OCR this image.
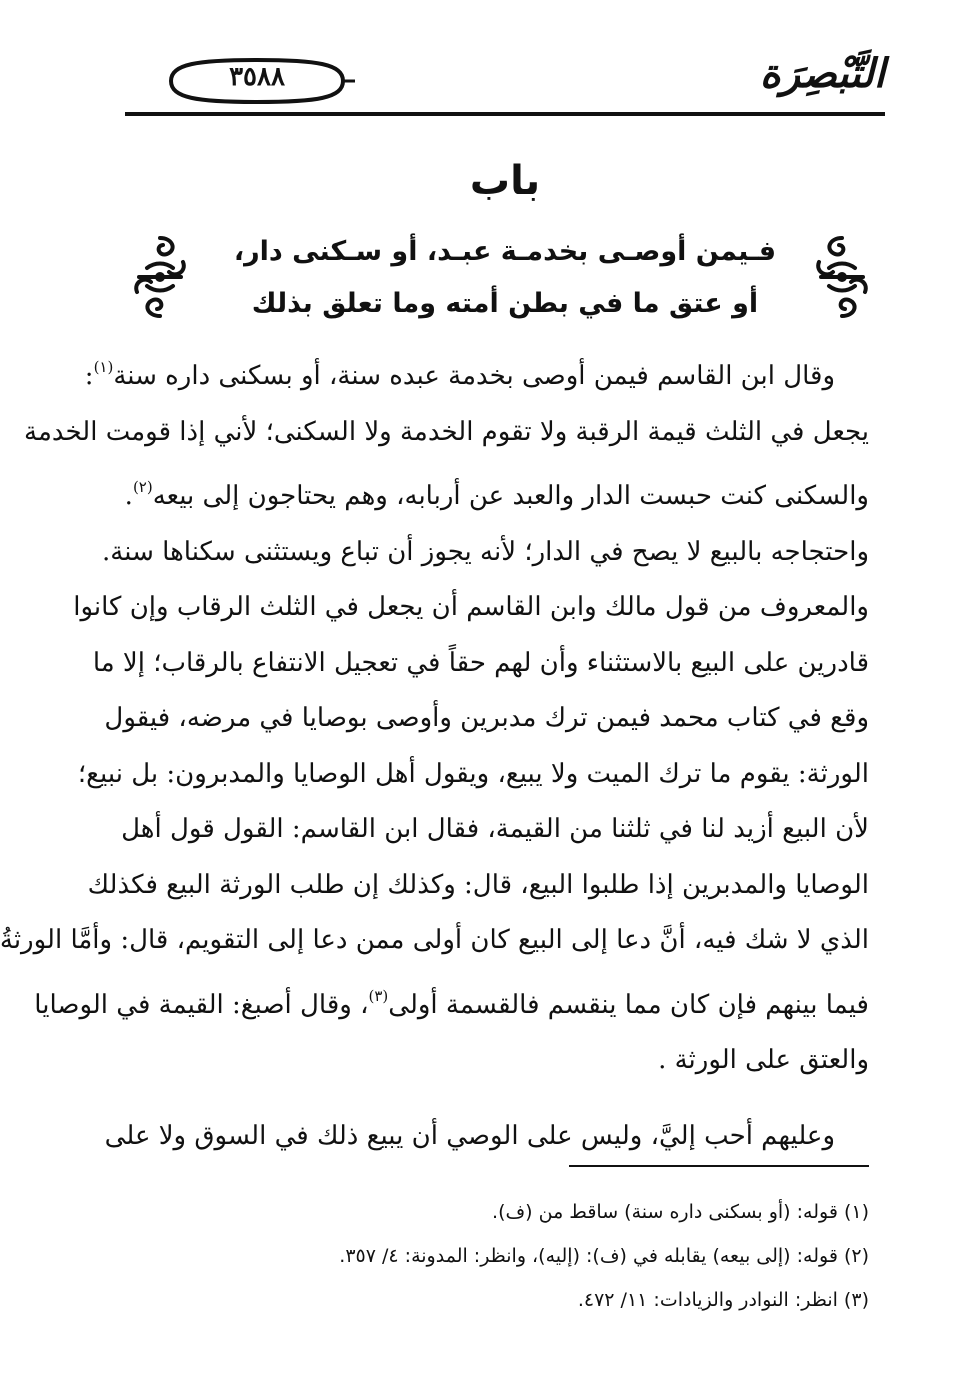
التَّبْصِرَة
٣٥٨٨
باب
فـيمن أوصـى بخدمـة عبـد، أو سـكنى دار،
أو عتق ما في بطن أمته وما تعلق بذلك
وقال ابن القاسم فيمن أوصى بخدمة عبده سنة، أو بسكنى داره سنة$^{(١)}$:
يجعل في الثلث قيمة الرقبة ولا تقوم الخدمة ولا السكنى؛ لأني إذا قومت الخدمة
والسكنى كنت حبست الدار والعبد عن أربابه، وهم يحتاجون إلى بيعه$^{(٢)}$.
واحتجاجه بالبيع لا يصح في الدار؛ لأنه يجوز أن تباع ويستثنى سكناها سنة.
والمعروف من قول مالك وابن القاسم أن يجعل في الثلث الرقاب وإن كانوا
قادرين على البيع بالاستثناء وأن لهم حقاً في تعجيل الانتفاع بالرقاب؛ إلا ما
وقع في كتاب محمد فيمن ترك مدبرين وأوصى بوصايا في مرضه، فيقول
الورثة: يقوم ما ترك الميت ولا يبيع، ويقول أهل الوصايا والمدبرون: بل نبيع؛
لأن البيع أزيد لنا في ثلثنا من القيمة، فقال ابن القاسم: القول قول أهل
الوصايا والمدبرين إذا طلبوا البيع، قال: وكذلك إن طلب الورثة البيع فكذلك
الذي لا شك فيه، أنَّ دعا إلى البيع كان أولى ممن دعا إلى التقويم، قال: وأمَّا الورثةُ
فيما بينهم فإن كان مما ينقسم فالقسمة أولى$^{(٣)}$، وقال أصبغ: القيمة في الوصايا
والعتق على الورثة .
وعليهم أحب إليَّ، وليس على الوصي أن يبيع ذلك في السوق ولا على
(١) قوله: (أو بسكنى داره سنة) ساقط من (ف).
(٢) قوله: (إلى بيعه) يقابله في (ف): (إليه)، وانظر: المدونة: ٤/ ٣٥٧.
(٣) انظر: النوادر والزيادات: ١١/ ٤٧٢.
